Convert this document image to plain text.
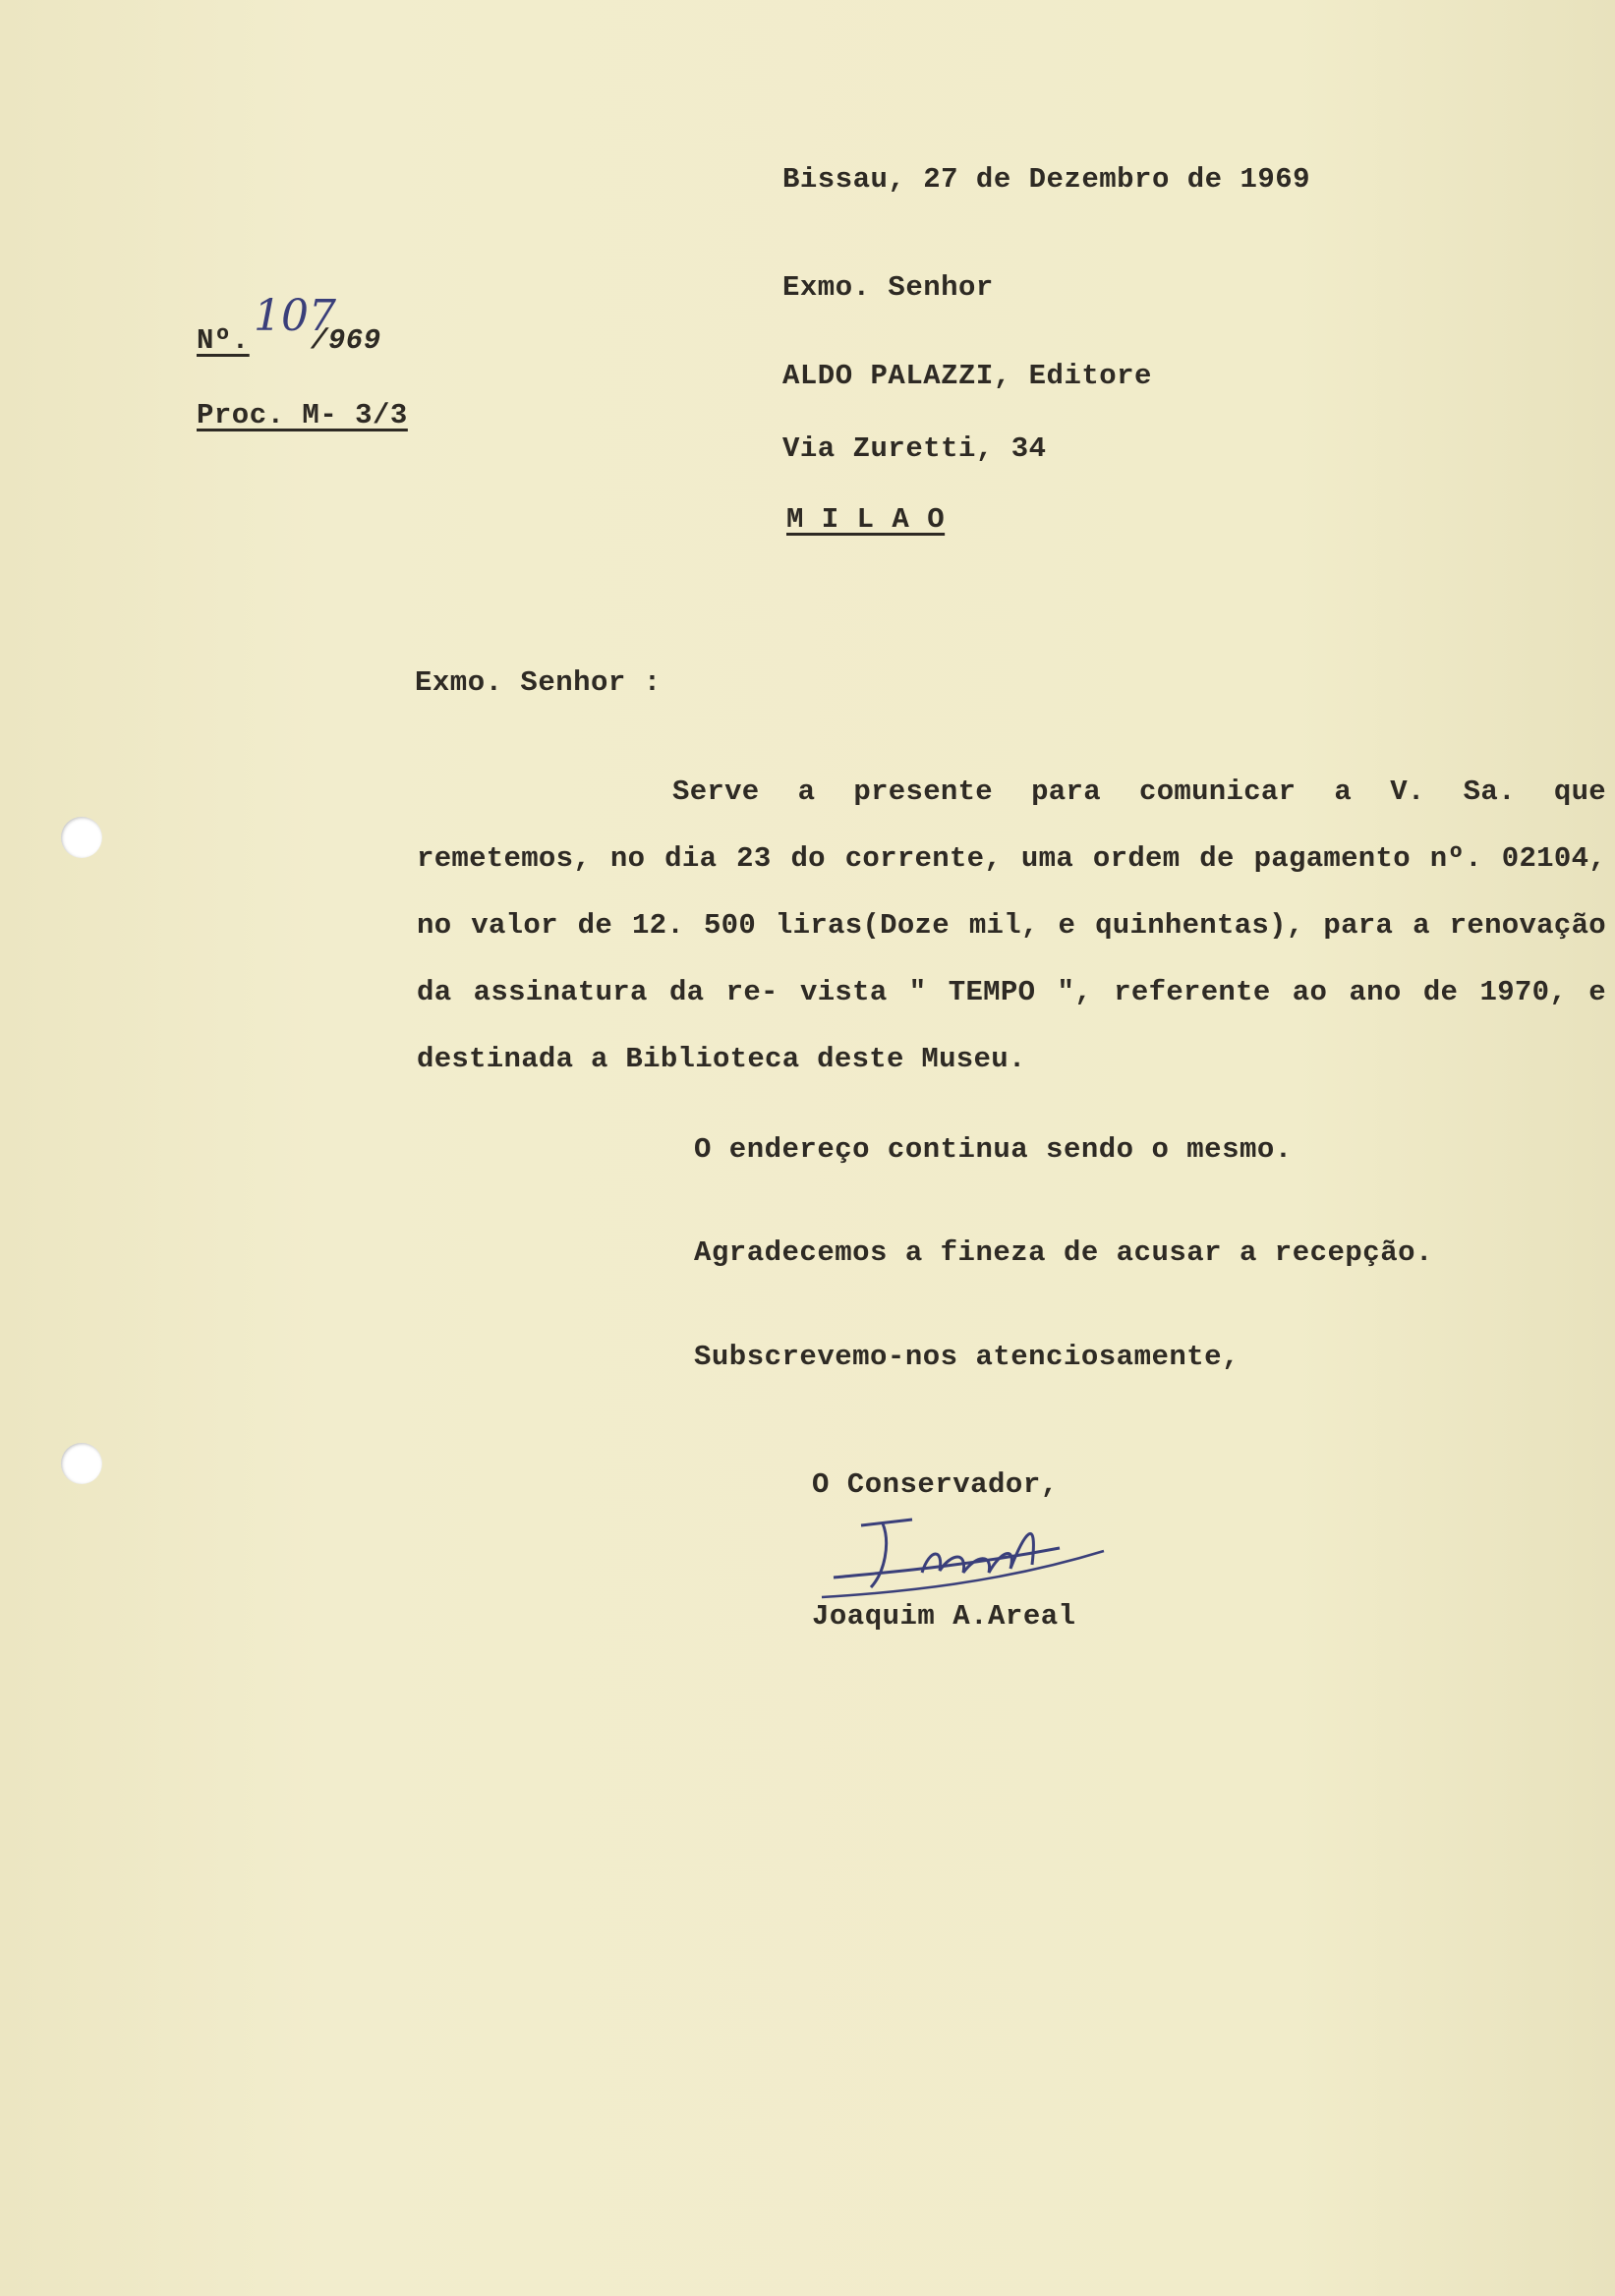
Bissau, 27 de Dezembro de 1969
Exmo. Senhor
ALDO PALAZZI, Editore
Via Zuretti, 34
M I L A O
Nº. 107
/969
Proc. M- 3/3
Exmo. Senhor :
Serve a presente para comunicar a V. Sa. que remetemos, no dia 23 do corrente, uma ordem de pagamento nº. 02104, no valor de 12. 500 liras(Doze mil, e quinhentas), para a renovação da assinatura da re- vista " TEMPO ", referente ao ano de 1970, e destinada a Biblioteca deste Museu.
O endereço continua sendo o mesmo.
Agradecemos a fineza de acusar a recepção.
Subscrevemo-nos atenciosamente,
O Conservador,
Joaquim A.Areal
